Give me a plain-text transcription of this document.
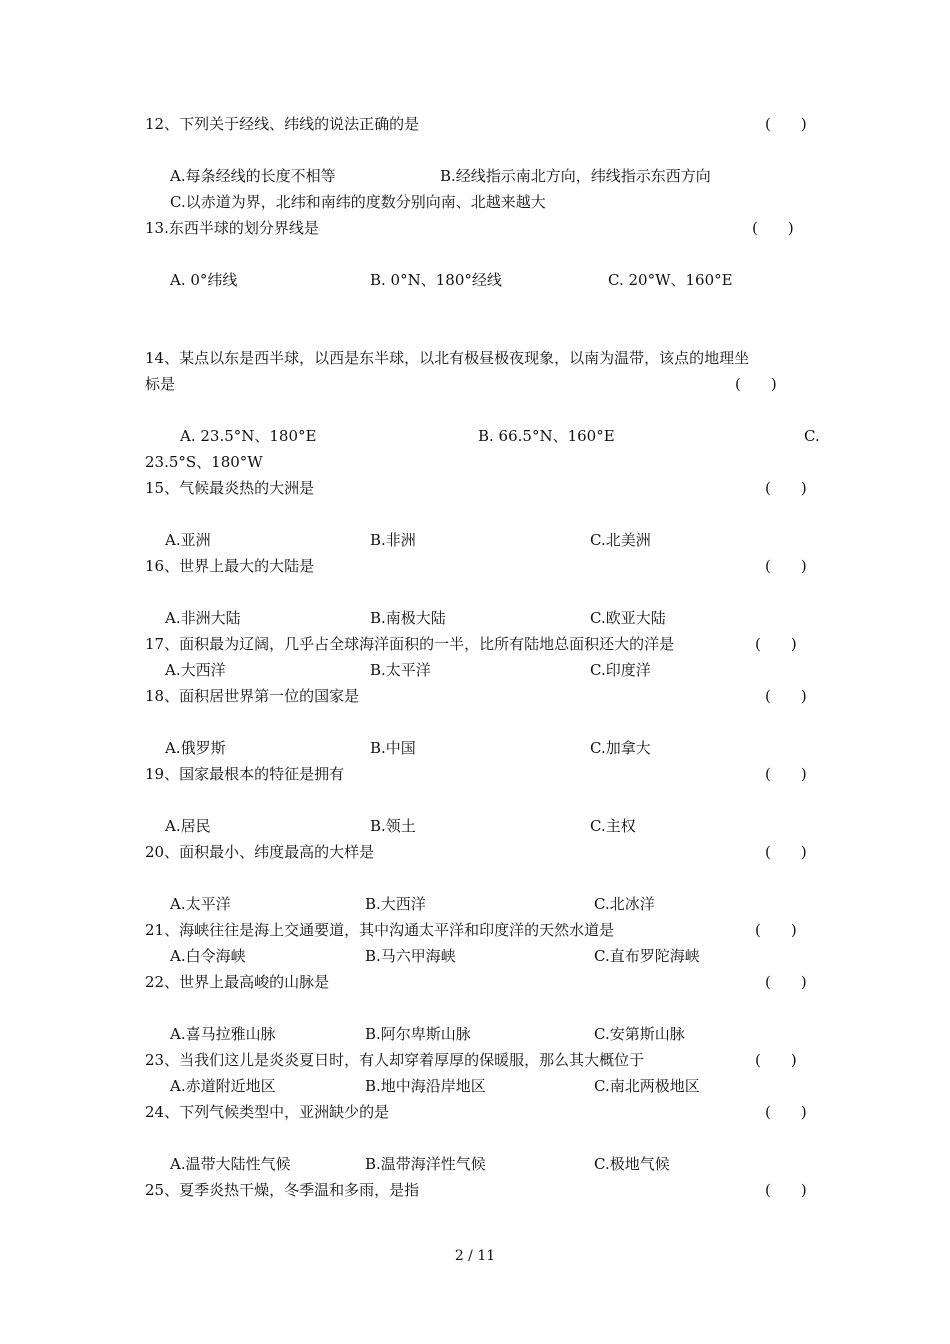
12、下列关于经线、纬线的说法正确的是	(　　)
A.每条经线的长度不相等	B.经线指示南北方向，纬线指示东西方向
C.以赤道为界，北纬和南纬的度数分别向南、北越来越大
13.东西半球的划分界线是	(　　)
A. 0°纬线	B. 0°N、180°经线	C. 20°W、160°E
14、某点以东是西半球，以西是东半球，以北有极昼极夜现象，以南为温带，该点的地理坐
标是	(　　)
A. 23.5°N、180°E	B. 66.5°N、160°E	C.
23.5°S、180°W
15、气候最炎热的大洲是	(　　)
A.亚洲	B.非洲	C.北美洲
16、世界上最大的大陆是	(　　)
A.非洲大陆	B.南极大陆	C.欧亚大陆
17、面积最为辽阔，几乎占全球海洋面积的一半，比所有陆地总面积还大的洋是	(　　)
A.大西洋	B.太平洋	C.印度洋
18、面积居世界第一位的国家是	(　　)
A.俄罗斯	B.中国	C.加拿大
19、国家最根本的特征是拥有	(　　)
A.居民	B.领土	C.主权
20、面积最小、纬度最高的大样是	(　　)
A.太平洋	B.大西洋	C.北冰洋
21、海峡往往是海上交通要道，其中沟通太平洋和印度洋的天然水道是	(　　)
A.白令海峡	B.马六甲海峡	C.直布罗陀海峡
22、世界上最高峻的山脉是	(　　)
A.喜马拉雅山脉	B.阿尔卑斯山脉	C.安第斯山脉
23、当我们这儿是炎炎夏日时，有人却穿着厚厚的保暖服，那么其大概位于	(　　)
A.赤道附近地区	B.地中海沿岸地区	C.南北两极地区
24、下列气候类型中，亚洲缺少的是	(　　)
A.温带大陆性气候	B.温带海洋性气候	C.极地气候
25、夏季炎热干燥，冬季温和多雨，是指	(　　)
2 / 11
